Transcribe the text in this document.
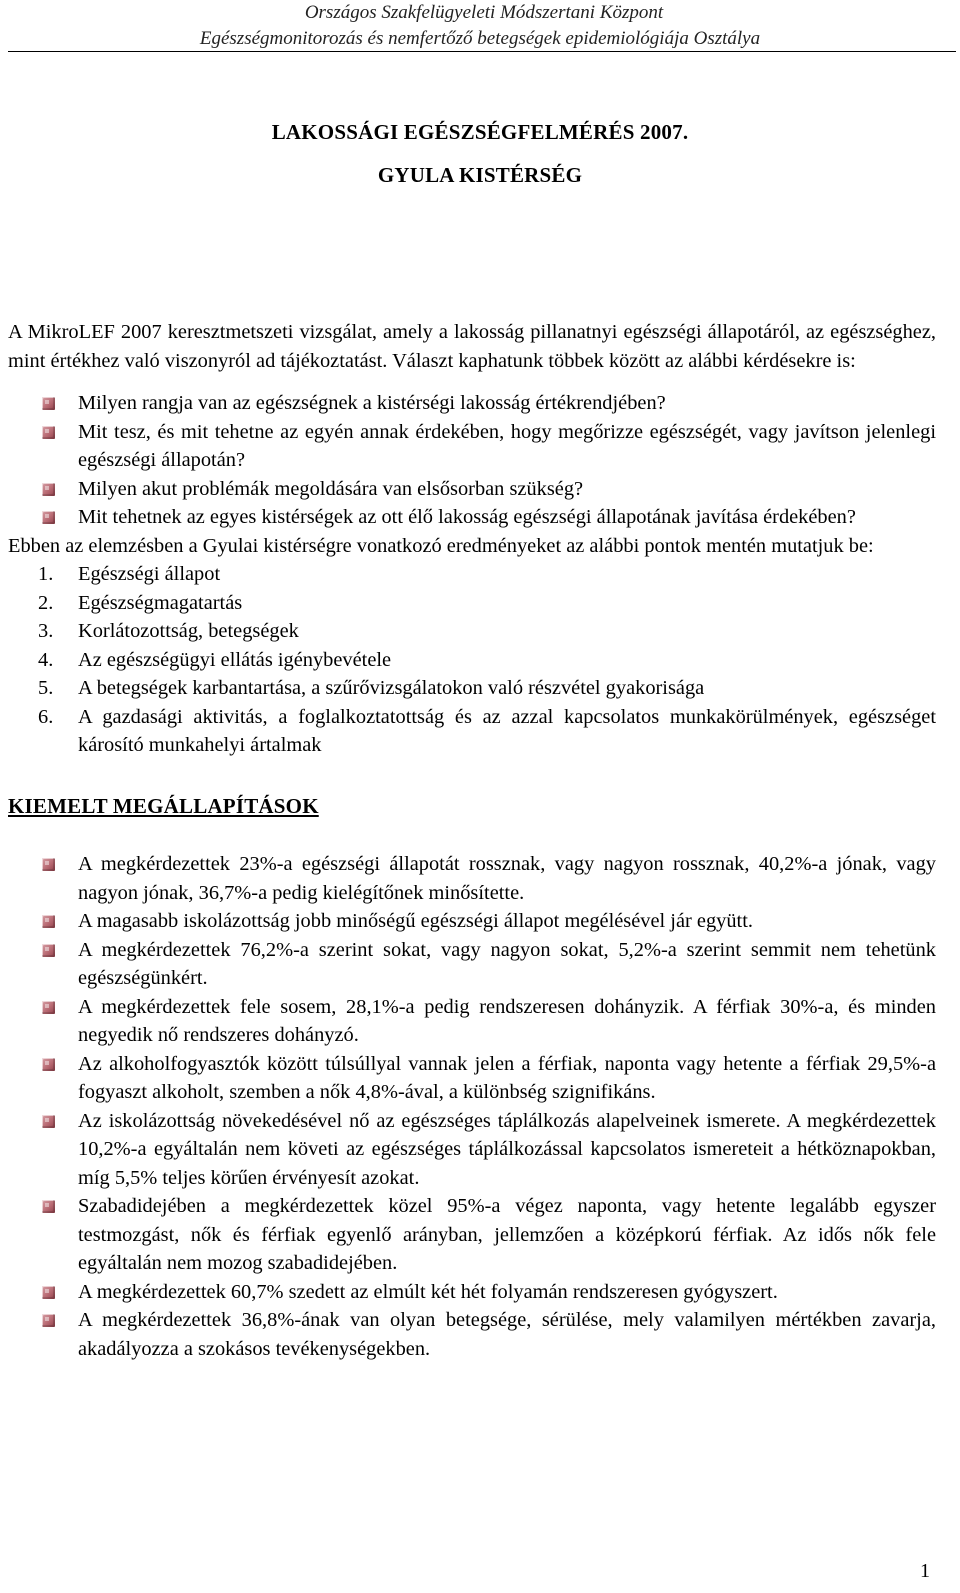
Országos Szakfelügyeleti Módszertani Központ
Egészségmonitorozás és nemfertőző betegségek epidemiológiája Osztálya
LAKOSSÁGI EGÉSZSÉGFELMÉRÉS 2007.
GYULA KISTÉRSÉG

A MikroLEF 2007 keresztmetszeti vizsgálat, amely a lakosság pillanatnyi egészségi állapotáról, az egészséghez, mint értékhez való viszonyról ad tájékoztatást. Választ kaphatunk többek között az alábbi kérdésekre is:

Milyen rangja van az egészségnek a kistérségi lakosság értékrendjében?
Mit tesz, és mit tehetne az egyén annak érdekében, hogy megőrizze egészségét, vagy javítson jelenlegi egészségi állapotán?
Milyen akut problémák megoldására van elsősorban szükség?
Mit tehetnek az egyes kistérségek az ott élő lakosság egészségi állapotának javítása érdekében?

Ebben az elemzésben a Gyulai kistérségre vonatkozó eredményeket az alábbi pontok mentén mutatjuk be:

1. Egészségi állapot
2. Egészségmagatartás
3. Korlátozottság, betegségek
4. Az egészségügyi ellátás igénybevétele
5. A betegségek karbantartása, a szűrővizsgálatokon való részvétel gyakorisága
6. A gazdasági aktivitás, a foglalkoztatottság és az azzal kapcsolatos munkakörülmények, egészséget károsító munkahelyi ártalmak
KIEMELT MEGÁLLAPÍTÁSOK
A megkérdezettek 23%-a egészségi állapotát rossznak, vagy nagyon rossznak, 40,2%-a jónak, vagy nagyon jónak, 36,7%-a pedig kielégítőnek minősítette.
A magasabb iskolázottság jobb minőségű egészségi állapot megélésével jár együtt.
A megkérdezettek 76,2%-a szerint sokat, vagy nagyon sokat, 5,2%-a szerint semmit nem tehetünk egészségünkért.
A megkérdezettek fele sosem, 28,1%-a pedig rendszeresen dohányzik. A férfiak 30%-a, és minden negyedik nő rendszeres dohányzó.
Az alkoholfogyasztók között túlsúllyal vannak jelen a férfiak, naponta vagy hetente a férfiak 29,5%-a fogyaszt alkoholt, szemben a nők 4,8%-ával, a különbség szignifikáns.
Az iskolázottság növekedésével nő az egészséges táplálkozás alapelveinek ismerete. A megkérdezettek 10,2%-a egyáltalán nem követi az egészséges táplálkozással kapcsolatos ismereteit a hétköznapokban, míg 5,5% teljes körűen érvényesít azokat.
Szabadidejében a megkérdezettek közel 95%-a végez naponta, vagy hetente legalább egyszer testmozgást, nők és férfiak egyenlő arányban, jellemzően a középkorú férfiak. Az idős nők fele egyáltalán nem mozog szabadidejében.
A megkérdezettek 60,7% szedett az elmúlt két hét folyamán rendszeresen gyógyszert.
A megkérdezettek 36,8%-ának van olyan betegsége, sérülése, mely valamilyen mértékben zavarja, akadályozza a szokásos tevékenységekben.
1
